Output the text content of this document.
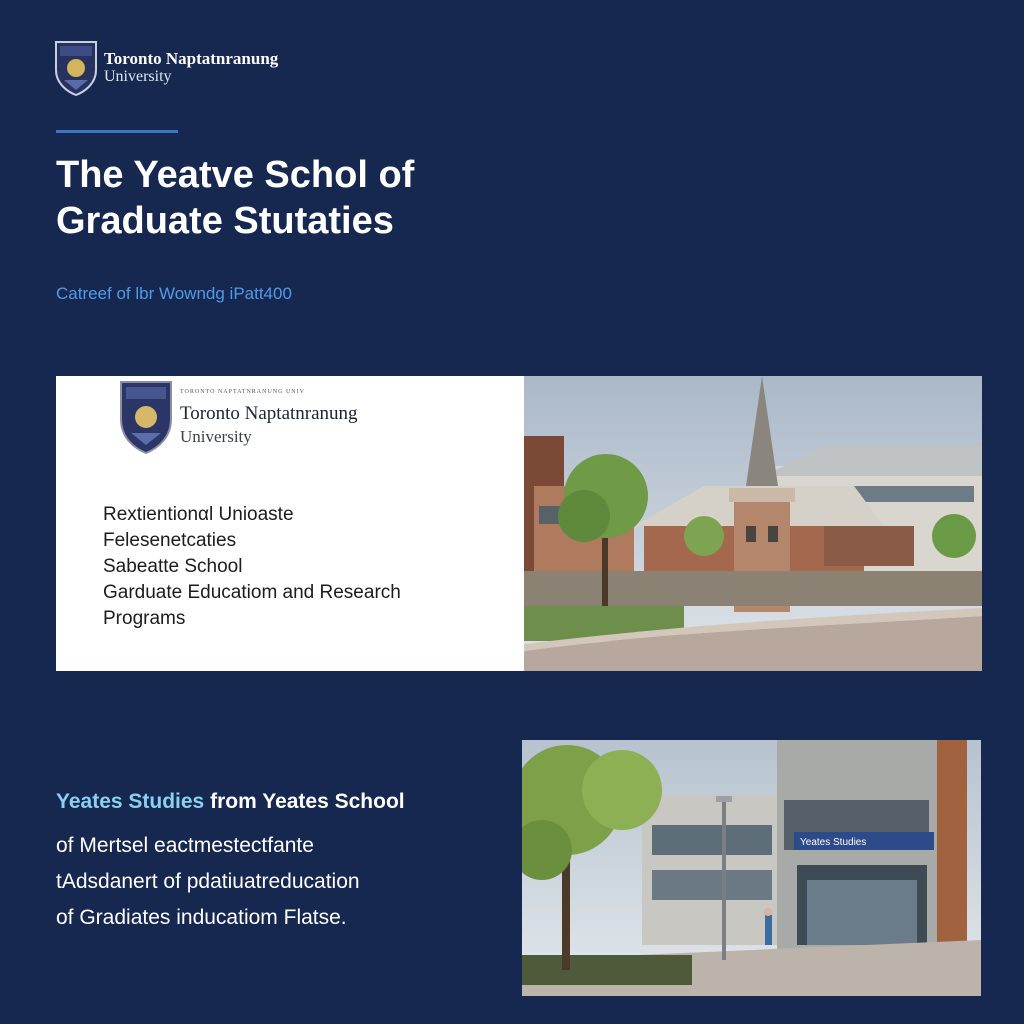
Toronto Naptatnranung
University
The Yeatve Schol of
Graduate Stutaties
Catreef of lbr Wowndg iPatt400
TORONTO NAPTATNRANUNG UNIV
Toronto Naptatnranung
University
Rextientionαl Unioaste
Felesenetcaties
Sabeatte School
Garduate Educatiom and Research
Programs
Yeates Studies
Yeates Studies from Yeates School
of Mertsel eactmestectfante
tAdsdanert of pdatiuatreducation
of Gradiates inducatiom Flatse.
